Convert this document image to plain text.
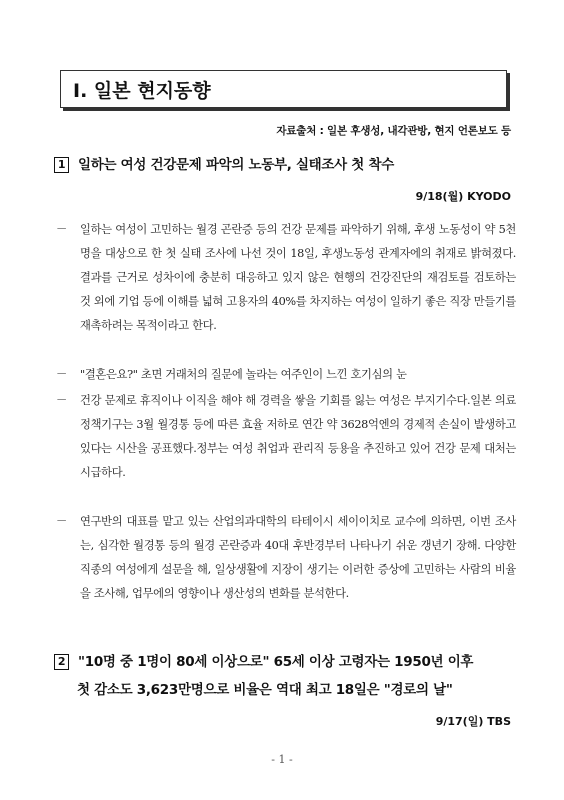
Ⅰ. 일본 현지동향
자료출처 : 일본 후생성, 내각관방, 현지 언론보도 등
1 일하는 여성 건강문제 파악의 노동부, 실태조사 첫 착수
9/18(월) KYODO
－ 일하는 여성이 고민하는 월경 곤란증 등의 건강 문제를 파악하기 위해, 후생 노동성이 약 5천명을 대상으로 한 첫 실태 조사에 나선 것이 18일, 후생노동성 관계자에의 취재로 밝혀졌다. 결과를 근거로 성차이에 충분히 대응하고 있지 않은 현행의 건강진단의 재검토를 검토하는 것 외에 기업 등에 이해를 넓혀 고용자의 40%를 차지하는 여성이 일하기 좋은 직장 만들기를 재촉하려는 목적이라고 한다.
－ "결혼은요?" 초면 거래처의 질문에 놀라는 여주인이 느낀 호기심의 눈
－ 건강 문제로 휴직이나 이직을 해야 해 경력을 쌓을 기회를 잃는 여성은 부지기수다.일본 의료정책기구는 3월 월경통 등에 따른 효율 저하로 연간 약 3628억엔의 경제적 손실이 발생하고 있다는 시산을 공표했다.정부는 여성 취업과 관리직 등용을 추진하고 있어 건강 문제 대처는 시급하다.
－ 연구반의 대표를 맡고 있는 산업의과대학의 타테이시 세이이치로 교수에 의하면, 이번 조사는, 심각한 월경통 등의 월경 곤란증과 40대 후반경부터 나타나기 쉬운 갱년기 장해. 다양한 직종의 여성에게 설문을 해, 일상생활에 지장이 생기는 이러한 증상에 고민하는 사람의 비율을 조사해, 업무에의 영향이나 생산성의 변화를 분석한다.
2 "10명 중 1명이 80세 이상으로" 65세 이상 고령자는 1950년 이후
첫 감소도 3,623만명으로 비율은 역대 최고 18일은 "경로의 날"
9/17(일) TBS
- 1 -
